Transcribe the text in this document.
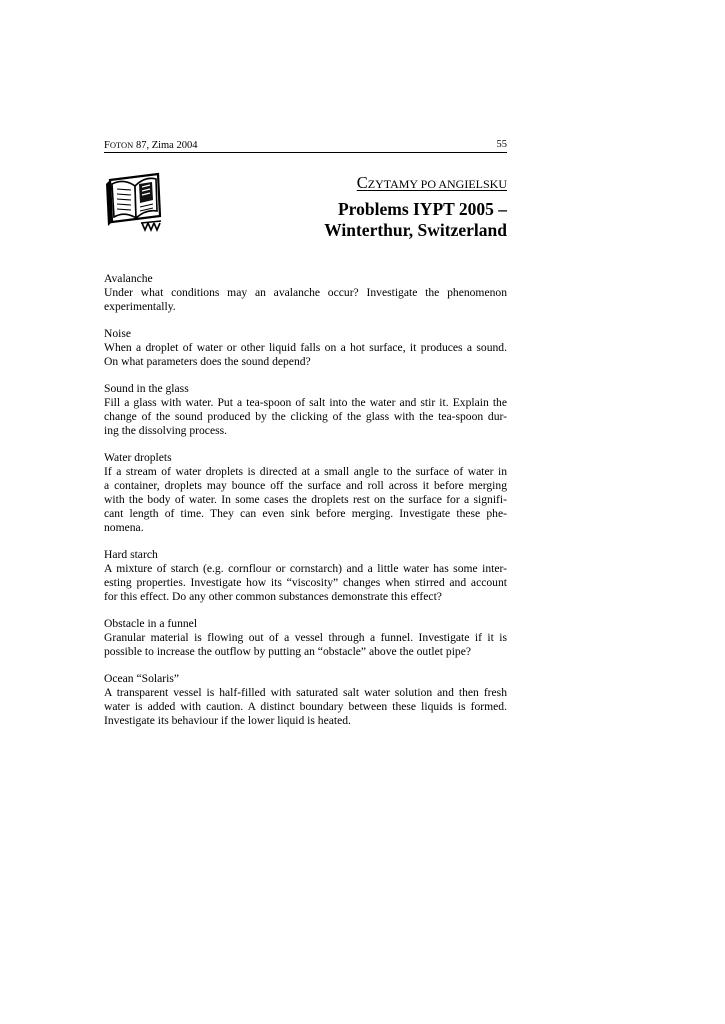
FOTON 87, Zima 2004	55
CZYTAMY PO ANGIELSKU
Problems IYPT 2005 –
Winterthur, Switzerland

Avalanche

Under what conditions may an avalanche occur? Investigate the phenomenon

experimentally.

Noise

When a droplet of water or other liquid falls on a hot surface, it produces a sound.

On what parameters does the sound depend?

Sound in the glass

Fill a glass with water. Put a tea-spoon of salt into the water and stir it. Explain the

change of the sound produced by the clicking of the glass with the tea-spoon dur-

ing the dissolving process.

Water droplets

If a stream of water droplets is directed at a small angle to the surface of water in

a container, droplets may bounce off the surface and roll across it before merging

with the body of water. In some cases the droplets rest on the surface for a signifi-

cant length of time. They can even sink before merging. Investigate these phe-

nomena.

Hard starch

A mixture of starch (e.g. cornflour or cornstarch) and a little water has some inter-

esting properties. Investigate how its “viscosity” changes when stirred and account

for this effect. Do any other common substances demonstrate this effect?

Obstacle in a funnel

Granular material is flowing out of a vessel through a funnel. Investigate if it is

possible to increase the outflow by putting an “obstacle” above the outlet pipe?

Ocean “Solaris”

A transparent vessel is half-filled with saturated salt water solution and then fresh

water is added with caution. A distinct boundary between these liquids is formed.

Investigate its behaviour if the lower liquid is heated.
